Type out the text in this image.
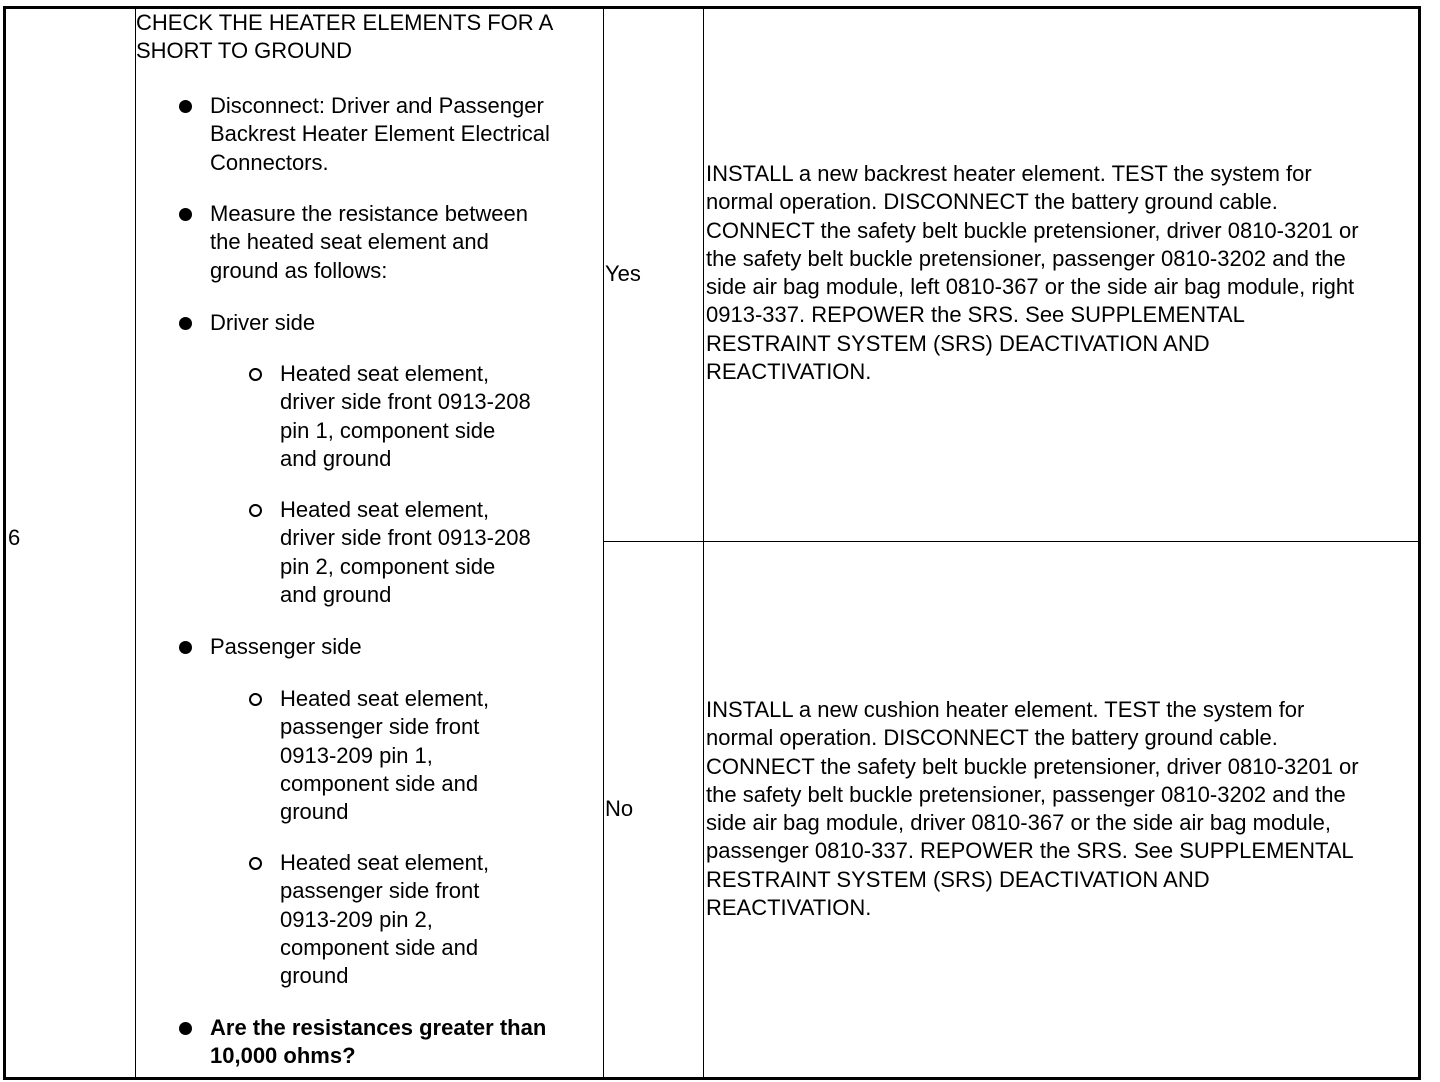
6
CHECK THE HEATER ELEMENTS FOR A
SHORT TO GROUND
Disconnect: Driver and Passenger
Backrest Heater Element Electrical
Connectors.
Measure the resistance between
the heated seat element and
ground as follows:
Driver side
Heated seat element,
driver side front 0913-208
pin 1, component side
and ground
Heated seat element,
driver side front 0913-208
pin 2, component side
and ground
Passenger side
Heated seat element,
passenger side front
0913-209 pin 1,
component side and
ground
Heated seat element,
passenger side front
0913-209 pin 2,
component side and
ground
Are the resistances greater than
10,000 ohms?
Yes
INSTALL a new backrest heater element. TEST the system for
normal operation. DISCONNECT the battery ground cable.
CONNECT the safety belt buckle pretensioner, driver 0810-3201 or
the safety belt buckle pretensioner, passenger 0810-3202 and the
side air bag module, left 0810-367 or the side air bag module, right
0913-337. REPOWER the SRS. See SUPPLEMENTAL
RESTRAINT SYSTEM (SRS) DEACTIVATION AND
REACTIVATION.
No
INSTALL a new cushion heater element. TEST the system for
normal operation. DISCONNECT the battery ground cable.
CONNECT the safety belt buckle pretensioner, driver 0810-3201 or
the safety belt buckle pretensioner, passenger 0810-3202 and the
side air bag module, driver 0810-367 or the side air bag module,
passenger 0810-337. REPOWER the SRS. See SUPPLEMENTAL
RESTRAINT SYSTEM (SRS) DEACTIVATION AND
REACTIVATION.
